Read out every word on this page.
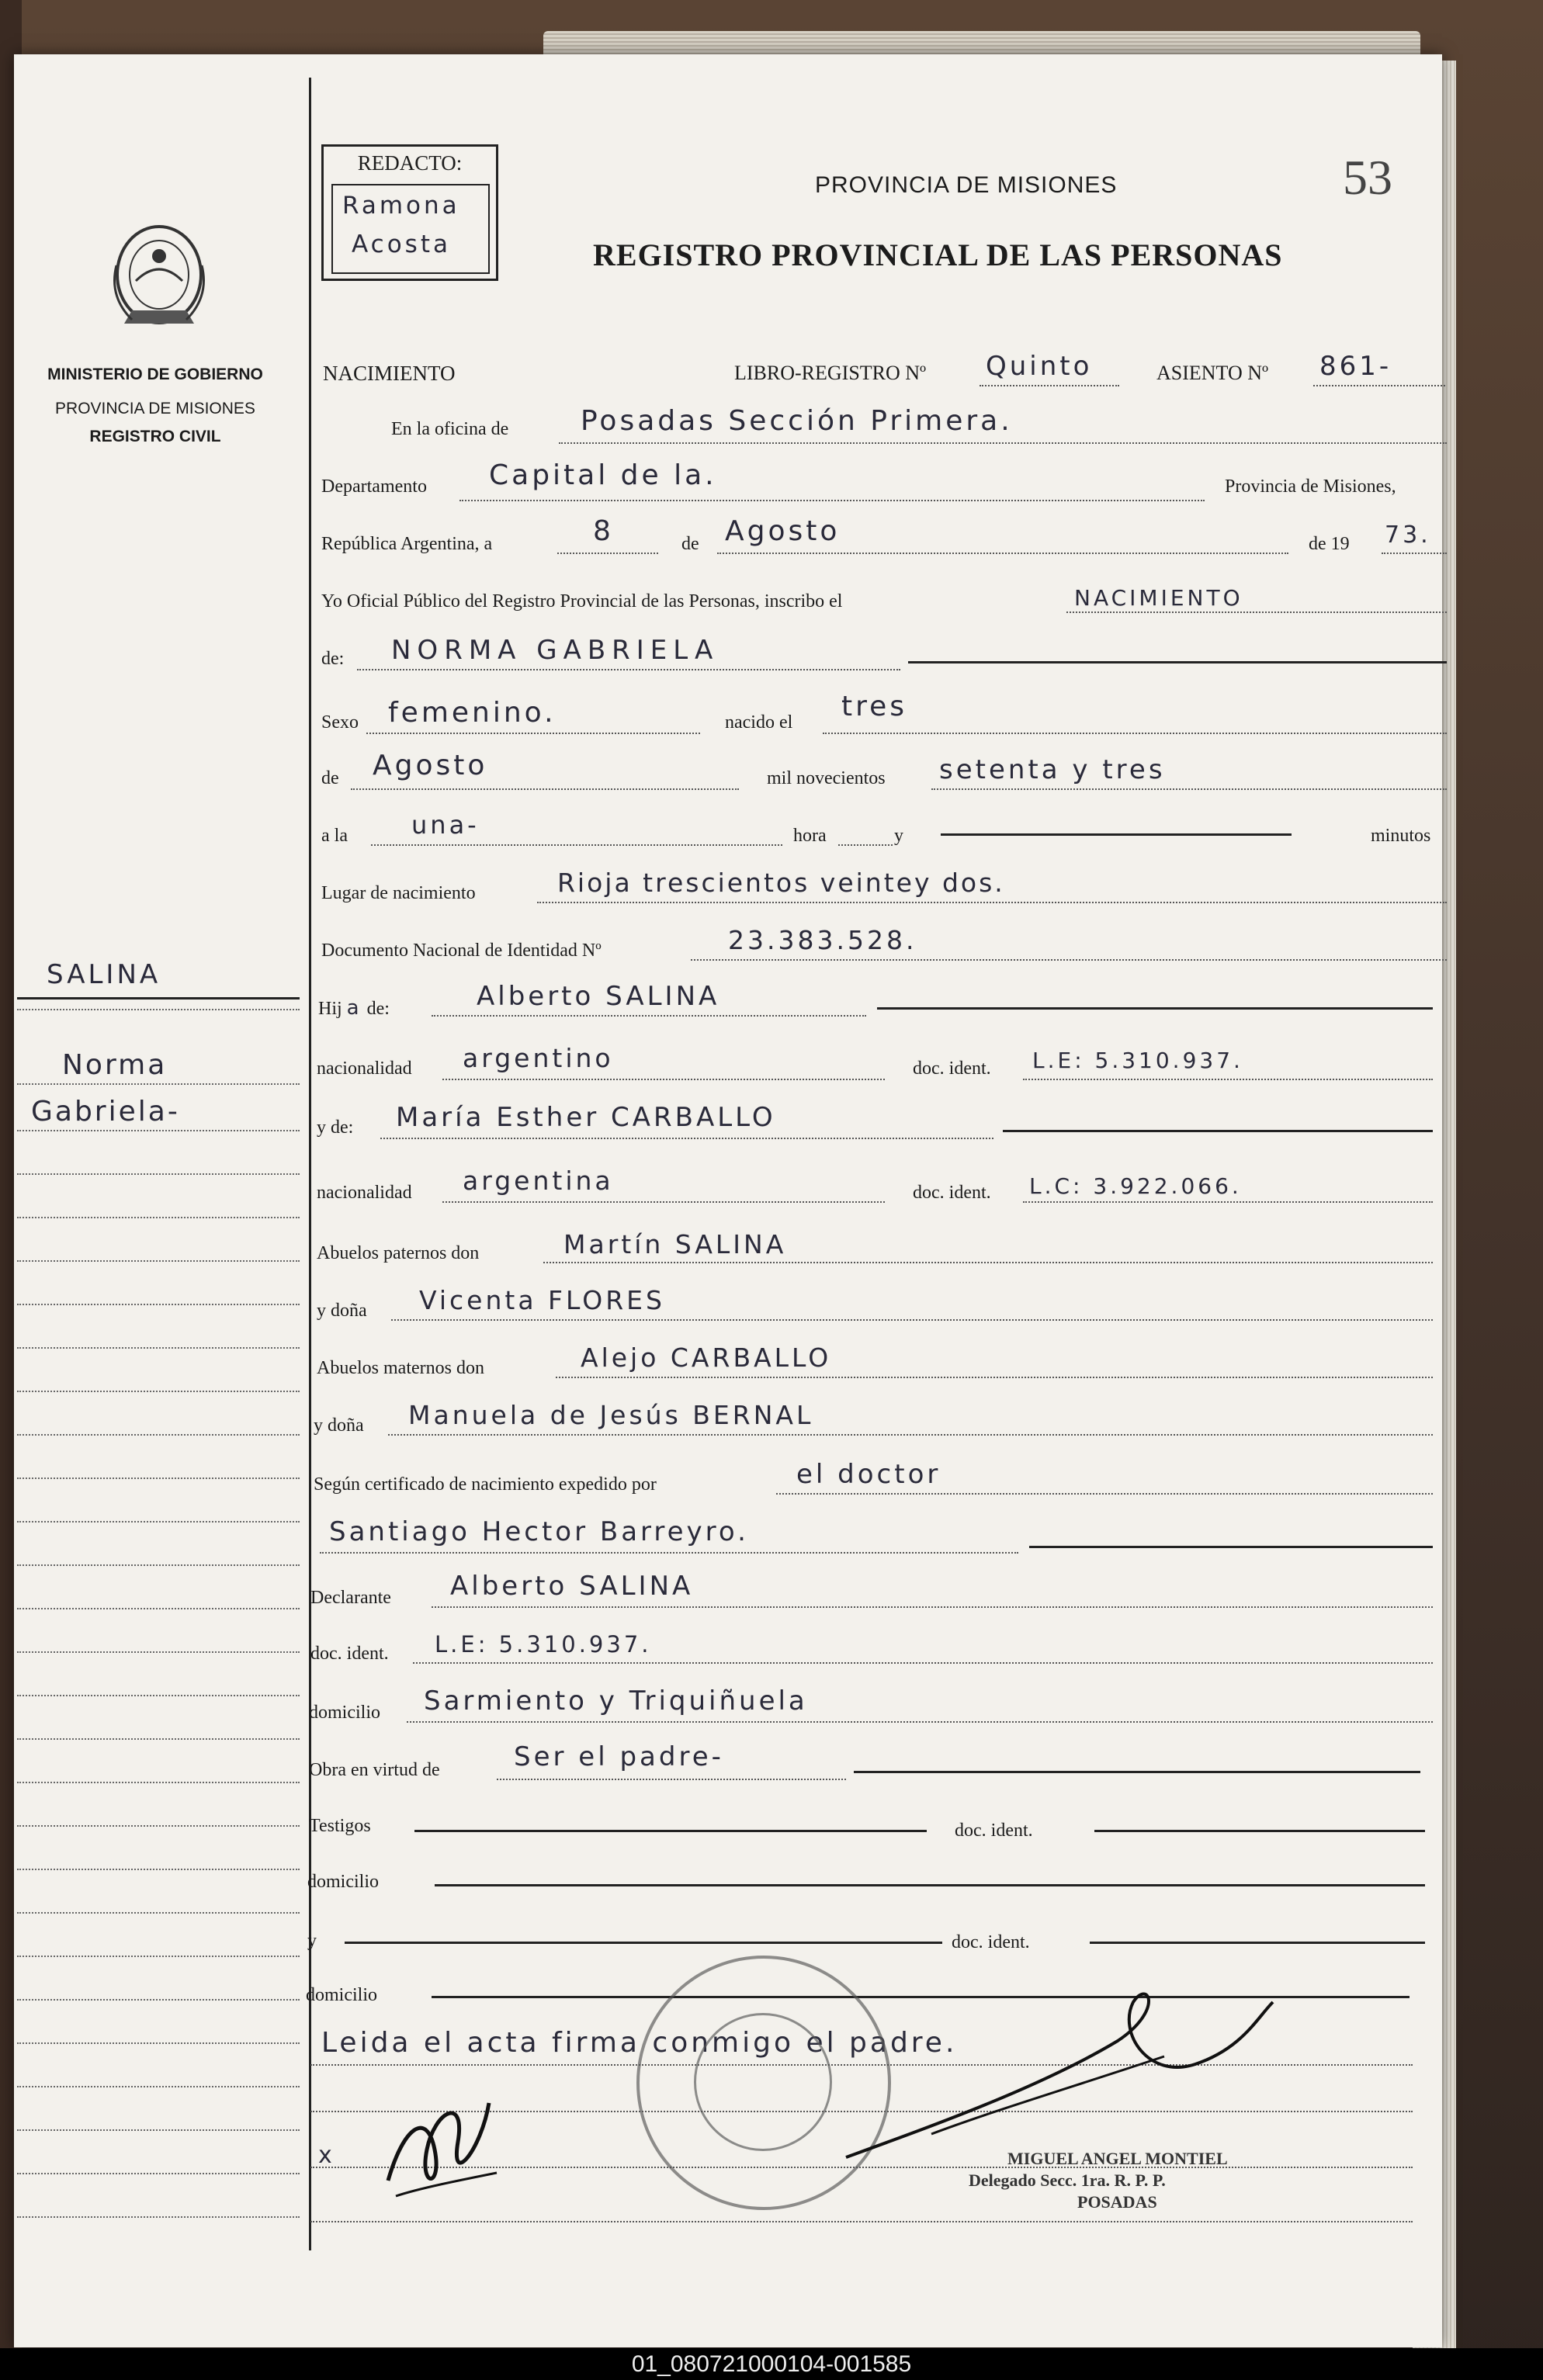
MINISTERIO DE GOBIERNO
PROVINCIA DE MISIONES
REGISTRO CIVIL
SALINA
Norma
Gabriela-
REDACTO:
Ramona
Acosta
PROVINCIA DE MISIONES	53
REGISTRO PROVINCIAL DE LAS PERSONAS
NACIMIENTO	LIBRO-REGISTRO Nº Quinto	ASIENTO Nº 861-
En la oficina de	Posadas Sección Primera.
Departamento Capital de la.	Provincia de Misiones,
República Argentina, a	8	de Agosto	de 19 73.
Yo Oficial Público del Registro Provincial de las Personas, inscribo el	NACIMIENTO
de: NORMA GABRIELA
Sexo femenino.	nacido el tres
de Agosto	mil novecientos setenta y tres
a la	una-	hora	y	minutos
Lugar de nacimiento	Rioja trescientos veintey dos.
Documento Nacional de Identidad Nº	23.383.528.
Hij a de:	Alberto SALINA
nacionalidad argentino	doc. ident. L.E: 5.310.937.
y de: María Esther CARBALLO
nacionalidad argentina	doc. ident. L.C: 3.922.066.
Abuelos paternos don	Martín SALINA
y doña Vicenta FLORES
Abuelos maternos don	Alejo CARBALLO
y doña Manuela de Jesús BERNAL
Según certificado de nacimiento expedido por	el doctor
Santiago Hector Barreyro.
Declarante Alberto SALINA
doc. ident. L.E: 5.310.937.
domicilio Sarmiento y Triquiñuela
Obra en virtud de	Ser el padre-
Testigos	doc. ident.
domicilio
y	doc. ident.
domicilio
Leida el acta firma conmigo el padre.
x	MIGUEL ANGEL MONTIEL
Delegado Secc. 1ra. R. P. P.
POSADAS
01_080721000104-001585
